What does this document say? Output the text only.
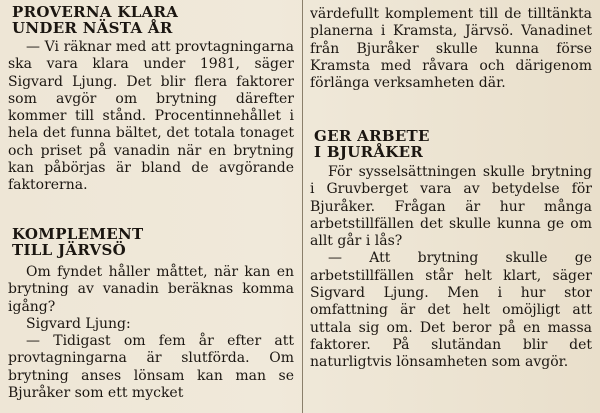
PROVERNA KLARA
UNDER NÄSTA ÅR

— Vi räknar med att provtagningarna ska vara klara under 1981, säger Sigvard Ljung. Det blir flera faktorer som avgör om brytning därefter kommer till stånd. Procentinnehållet i hela det funna bältet, det totala tonaget och priset på vanadin när en brytning kan påbörjas är bland de avgörande faktorerna.

KOMPLEMENT
TILL JÄRVSÖ

Om fyndet håller måttet, när kan en brytning av vanadin beräknas komma igång?

Sigvard Ljung:

— Tidigast om fem år efter att provtagningarna är slutförda. Om brytning anses lönsam kan man se Bjuråker som ett mycket

värdefullt komplement till de tilltänkta planerna i Kramsta, Järvsö. Vanadinet från Bjuråker skulle kunna förse Kramsta med råvara och därigenom förlänga verksamheten där.

GER ARBETE
I BJURÅKER

För sysselsättningen skulle brytning i Gruvberget vara av betydelse för Bjuråker. Frågan är hur många arbetstillfällen det skulle kunna ge om allt går i lås?

— Att brytning skulle ge arbetstillfällen står helt klart, säger Sigvard Ljung. Men i hur stor omfattning är det helt omöjligt att uttala sig om. Det beror på en massa faktorer. På slutändan blir det naturligtvis lönsamheten som avgör.
